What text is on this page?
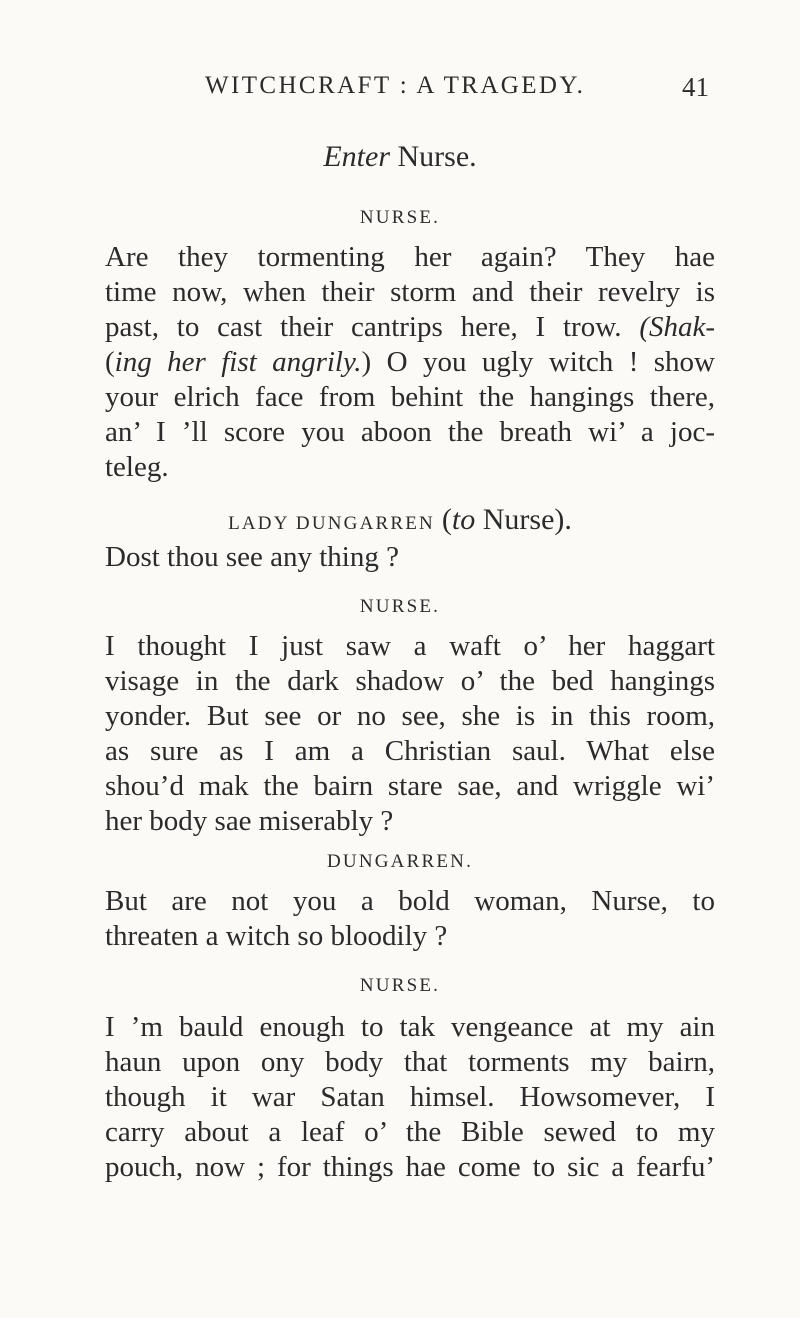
WITCHCRAFT : A TRAGEDY.	41
Enter Nurse.
NURSE.
Are they tormenting her again? They hae
time now, when their storm and their revelry is
past, to cast their cantrips here, I trow. (Shak-
(ing her fist angrily.) O you ugly witch ! show
your elrich face from behint the hangings there,
an’ I ’ll score you aboon the breath wi’ a joc-
teleg.
LADY DUNGARREN (to Nurse).
Dost thou see any thing ?
NURSE.
I thought I just saw a waft o’ her haggart
visage in the dark shadow o’ the bed hangings
yonder. But see or no see, she is in this room,
as sure as I am a Christian saul. What else
shou’d mak the bairn stare sae, and wriggle wi’
her body sae miserably ?
DUNGARREN.
But are not you a bold woman, Nurse, to
threaten a witch so bloodily ?
NURSE.
I ’m bauld enough to tak vengeance at my ain
haun upon ony body that torments my bairn,
though it war Satan himsel. Howsomever, I
carry about a leaf o’ the Bible sewed to my
pouch, now ; for things hae come to sic a fearfu’
